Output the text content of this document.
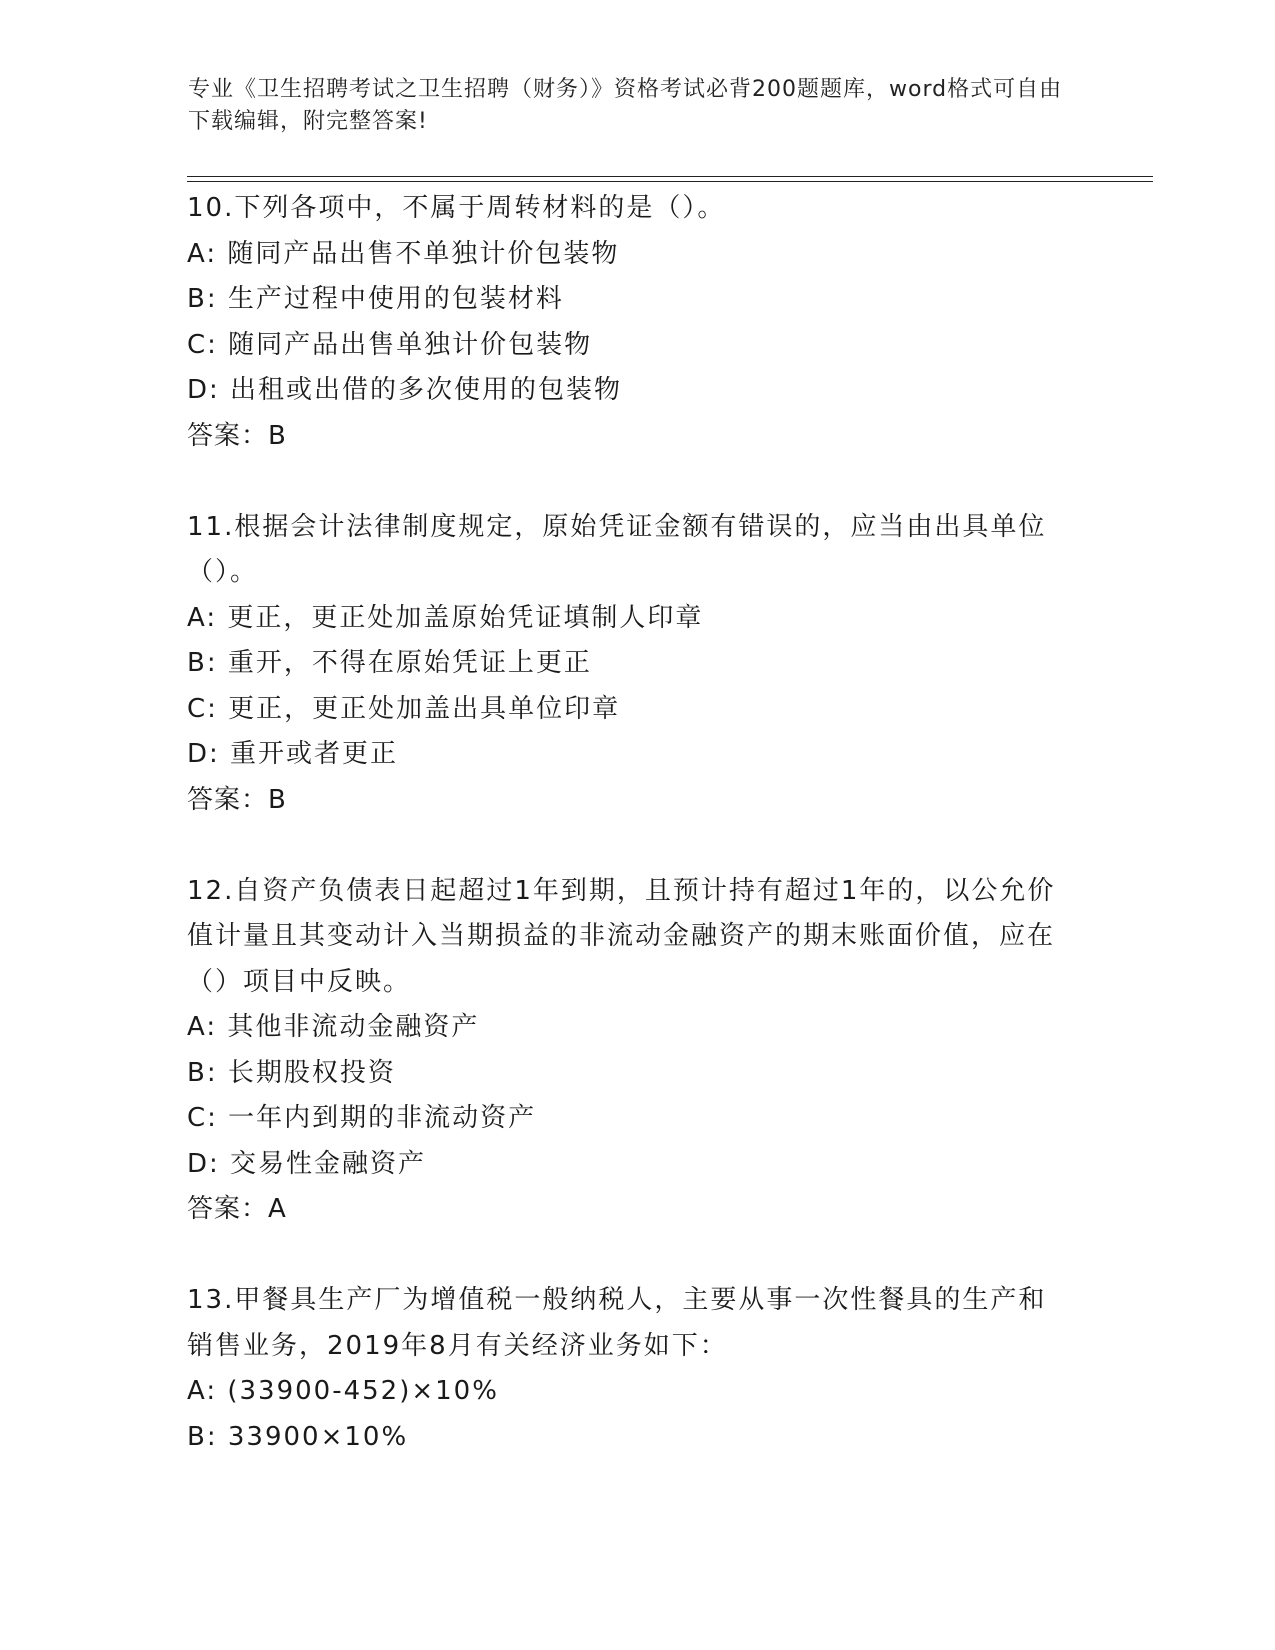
专业《卫生招聘考试之卫生招聘（财务）》资格考试必背200题题库，word格式可自由下载编辑，附完整答案!
10.下列各项中，不属于周转材料的是（）。
A: 随同产品出售不单独计价包装物
B: 生产过程中使用的包装材料
C: 随同产品出售单独计价包装物
D: 出租或出借的多次使用的包装物
答案：B
11.根据会计法律制度规定，原始凭证金额有错误的，应当由出具单位（）。
A: 更正，更正处加盖原始凭证填制人印章
B: 重开，不得在原始凭证上更正
C: 更正，更正处加盖出具单位印章
D: 重开或者更正
答案：B
12.自资产负债表日起超过1年到期，且预计持有超过1年的，以公允价值计量且其变动计入当期损益的非流动金融资产的期末账面价值，应在（）项目中反映。
A: 其他非流动金融资产
B: 长期股权投资
C: 一年内到期的非流动资产
D: 交易性金融资产
答案：A
13.甲餐具生产厂为增值税一般纳税人，主要从事一次性餐具的生产和销售业务，2019年8月有关经济业务如下：
A: (33900-452)×10%
B: 33900×10%
